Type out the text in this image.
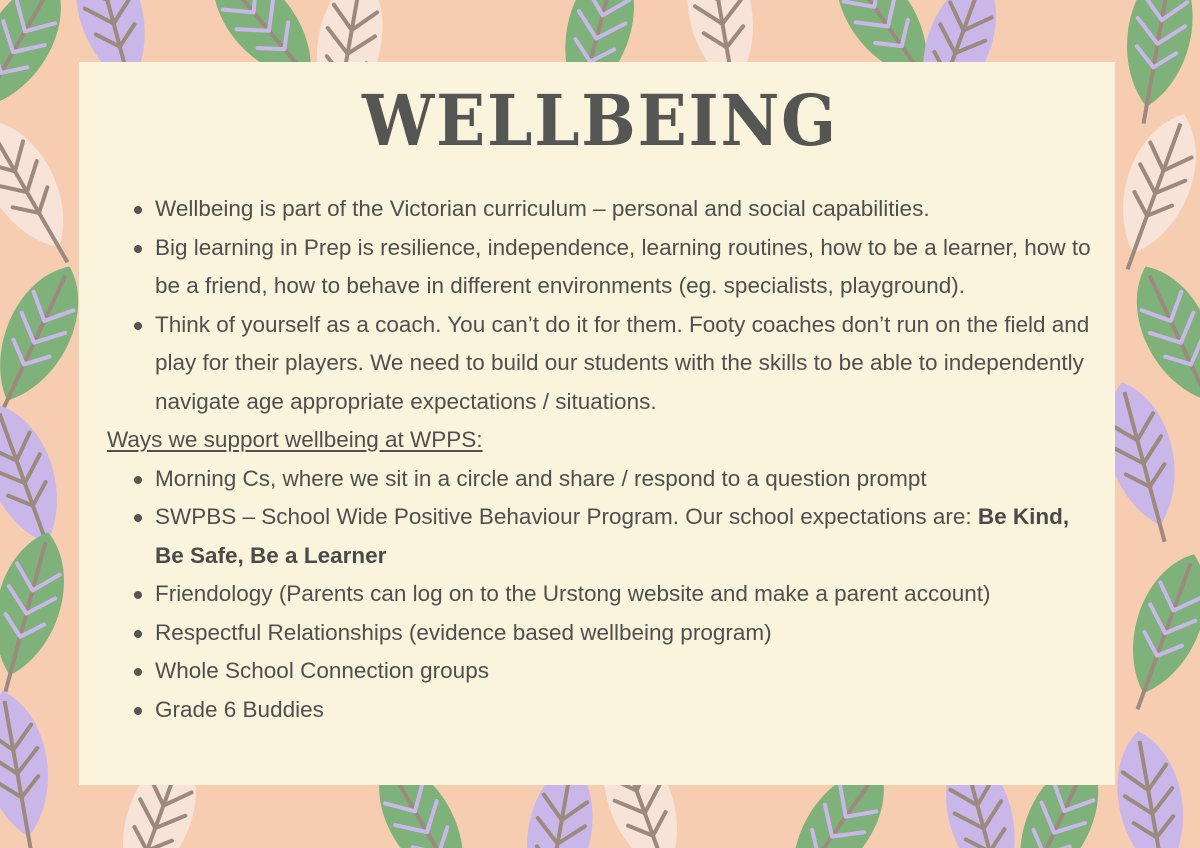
WELLBEING
Wellbeing is part of the Victorian curriculum – personal and social capabilities.
Big learning in Prep is resilience, independence, learning routines, how to be a learner, how to be a friend, how to behave in different environments (eg. specialists, playground).
Think of yourself as a coach. You can’t do it for them. Footy coaches don’t run on the field and play for their players. We need to build our students with the skills to be able to independently navigate age appropriate expectations / situations.
Ways we support wellbeing at WPPS:
Morning Cs, where we sit in a circle and share / respond to a question prompt
SWPBS – School Wide Positive Behaviour Program. Our school expectations are: Be Kind, Be Safe, Be a Learner
Friendology (Parents can log on to the Urstong website and make a parent account)
Respectful Relationships (evidence based wellbeing program)
Whole School Connection groups
Grade 6 Buddies
